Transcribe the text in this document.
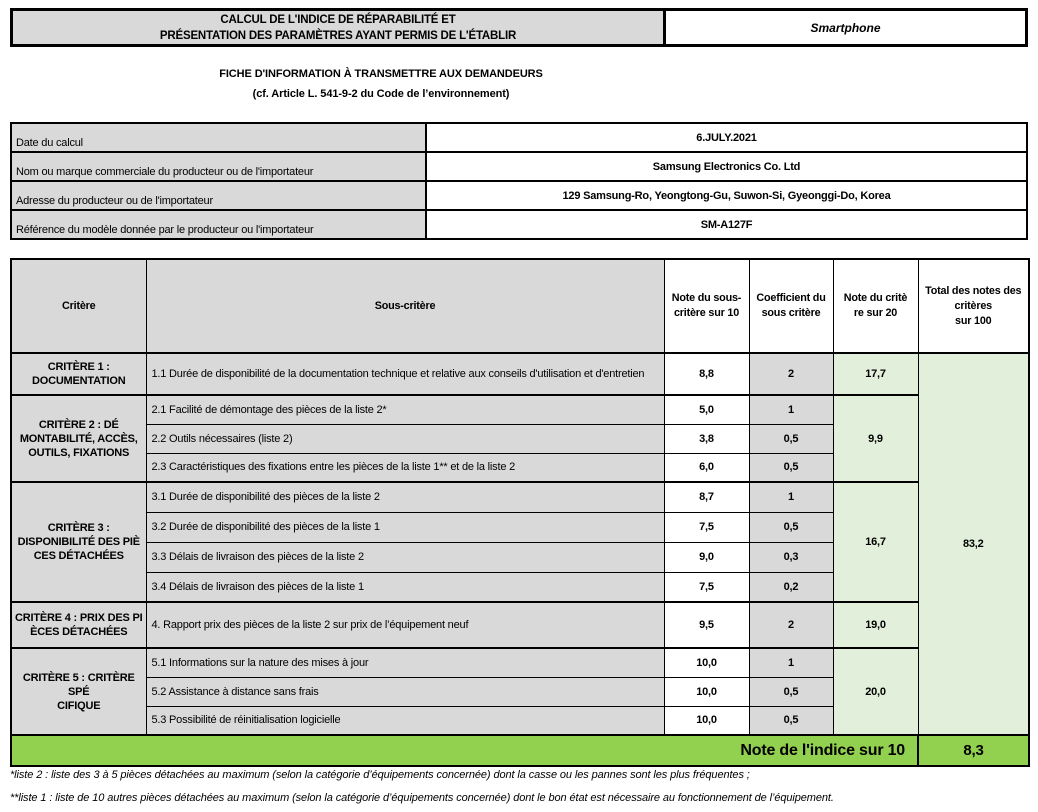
CALCUL DE L'INDICE DE RÉPARABILITÉ ET
PRÉSENTATION DES PARAMÈTRES AYANT PERMIS DE L'ÉTABLIR
Smartphone
FICHE D'INFORMATION À TRANSMETTRE AUX DEMANDEURS
(cf. Article L. 541-9-2 du Code de l’environnement)
Date du calcul	6.JULY.2021
Nom ou marque commerciale du producteur ou de l'importateur	Samsung Electronics Co. Ltd
Adresse du producteur ou de l'importateur	129 Samsung-Ro, Yeongtong-Gu, Suwon-Si, Gyeonggi-Do, Korea
Référence du modèle donnée par le producteur ou l'importateur	SM-A127F
Critère	Sous-critère	Note du sous-
critère sur 10	Coefficient du
sous critère	Note du critè
re sur 20	Total des notes des
critères
sur 100
CRITÈRE 1 :
DOCUMENTATION	1.1 Durée de disponibilité de la documentation technique et relative aux conseils d'utilisation et d'entretien	8,8	2	17,7	83,2
CRITÈRE 2 : DÉ
MONTABILITÉ, ACCÈS,
OUTILS, FIXATIONS	2.1 Facilité de démontage des pièces de la liste 2*	5,0	1	9,9	
	2.2 Outils nécessaires (liste 2)	3,8	0,5		
	2.3 Caractéristiques des fixations entre les pièces de la liste 1** et de la liste 2	6,0	0,5		
CRITÈRE 3 :
DISPONIBILITÉ DES PIÈ
CES DÉTACHÉES	3.1 Durée de disponibilité des pièces de la liste 2	8,7	1	16,7	
	3.2 Durée de disponibilité des pièces de la liste 1	7,5	0,5		
	3.3 Délais de livraison des pièces de la liste 2	9,0	0,3		
	3.4 Délais de livraison des pièces de la liste 1	7,5	0,2		
CRITÈRE 4 : PRIX DES PI
ÈCES DÉTACHÉES	4. Rapport prix des pièces de la liste 2 sur prix de l’équipement neuf	9,5	2	19,0	
CRITÈRE 5 : CRITÈRE SPÉ
CIFIQUE	5.1 Informations sur la nature des mises à jour	10,0	1	20,0	
	5.2 Assistance à distance sans frais	10,0	0,5		
	5.3 Possibilité de réinitialisation logicielle	10,0	0,5		
Note de l'indice sur 10					8,3
*liste 2 : liste des 3 à 5 pièces détachées au maximum (selon la catégorie d’équipements concernée) dont la casse ou les pannes sont les plus fréquentes ;
**liste 1 : liste de 10 autres pièces détachées au maximum (selon la catégorie d’équipements concernée) dont le bon état est nécessaire au fonctionnement de l’équipement.
